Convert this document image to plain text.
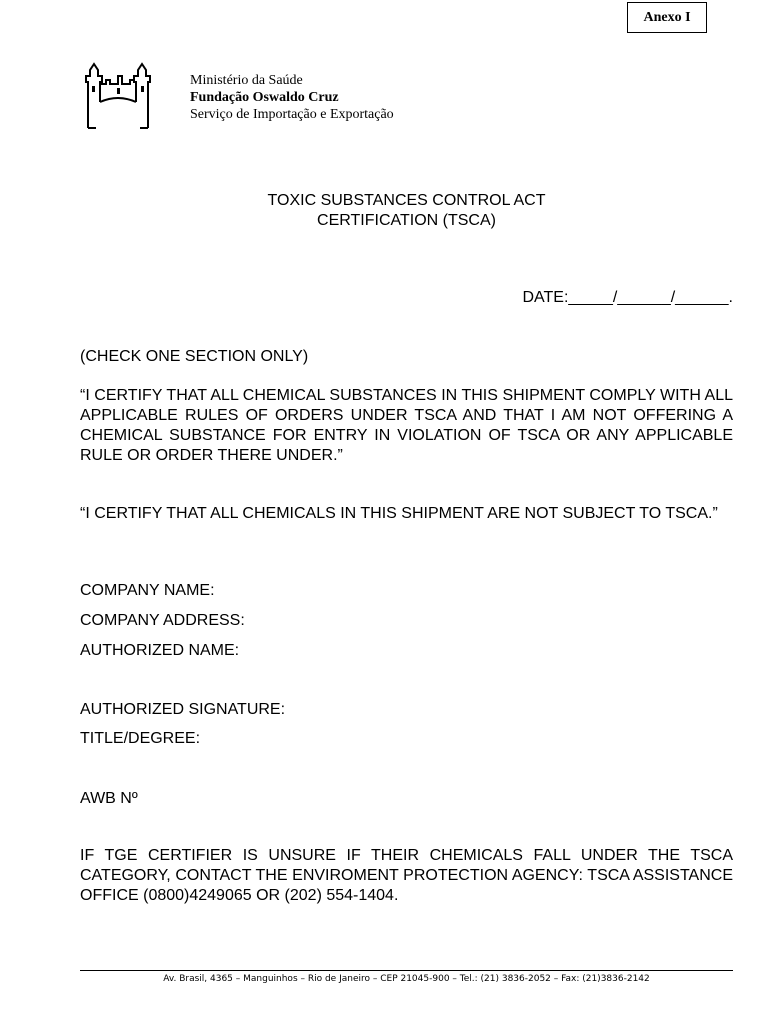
Anexo I
Ministério da Saúde
Fundação Oswaldo Cruz
Serviço de Importação e Exportação
TOXIC SUBSTANCES CONTROL ACT
CERTIFICATION (TSCA)
DATE:_____/______/______.
(CHECK ONE SECTION ONLY)
“I CERTIFY THAT ALL CHEMICAL SUBSTANCES IN THIS SHIPMENT COMPLY WITH ALL APPLICABLE RULES OF ORDERS UNDER TSCA AND THAT I AM NOT OFFERING A CHEMICAL SUBSTANCE FOR ENTRY IN VIOLATION OF TSCA OR ANY APPLICABLE RULE OR ORDER THERE UNDER.”
“I CERTIFY THAT ALL CHEMICALS IN THIS SHIPMENT ARE NOT SUBJECT TO TSCA.”
COMPANY NAME:
COMPANY ADDRESS:
AUTHORIZED NAME:
AUTHORIZED SIGNATURE:
TITLE/DEGREE:
AWB Nº
IF TGE CERTIFIER IS UNSURE IF THEIR CHEMICALS FALL UNDER THE TSCA CATEGORY, CONTACT THE ENVIROMENT PROTECTION AGENCY: TSCA ASSISTANCE OFFICE (0800)4249065 OR (202) 554-1404.
Av. Brasil, 4365 – Manguinhos – Rio de Janeiro – CEP 21045-900 – Tel.: (21) 3836-2052 – Fax: (21)3836-2142
